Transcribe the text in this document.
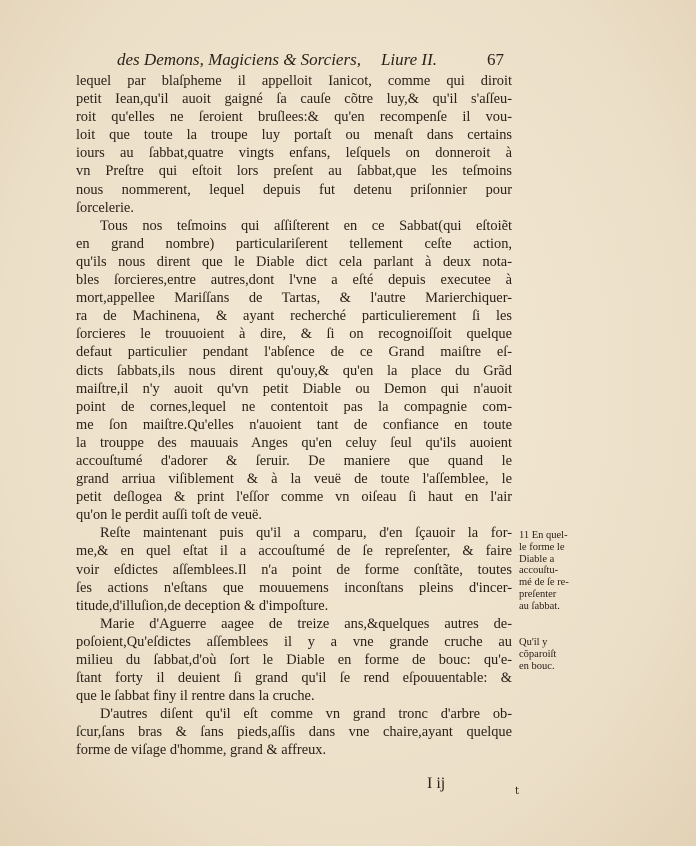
des Demons, Magiciens & Sorciers, Liure II.	67
lequel par blaſpheme il appelloit Ianicot, comme qui diroit
petit Iean,qu'il auoit gaigné ſa cauſe cõtre luy,& qu'il s'aſſeu-
roit qu'elles ne ſeroient bruſlees:& qu'en recompenſe il vou-
loit que toute la troupe luy portaſt ou menaſt dans certains
iours au ſabbat,quatre vingts enfans, leſquels on donneroit à
vn Preſtre qui eſtoit lors preſent au ſabbat,que les teſmoins
nous nommerent, lequel depuis fut detenu priſonnier pour
ſorcelerie.
Tous nos teſmoins qui aſſiſterent en ce Sabbat(qui eſtoiẽt
en grand nombre) particulariſerent tellement ceſte action,
qu'ils nous dirent que le Diable dict cela parlant à deux nota-
bles ſorcieres,entre autres,dont l'vne a eſté depuis executee à
mort,appellee Mariſſans de Tartas, & l'autre Marierchiquer-
ra de Machinena, & ayant recherché particulierement ſi les
ſorcieres le trouuoient à dire, & ſi on recognoiſſoit quelque
defaut particulier pendant l'abſence de ce Grand maiſtre eſ-
dicts ſabbats,ils nous dirent qu'ouy,& qu'en la place du Grãd
maiſtre,il n'y auoit qu'vn petit Diable ou Demon qui n'auoit
point de cornes,lequel ne contentoit pas la compagnie com-
me ſon maiſtre.Qu'elles n'auoient tant de confiance en toute
la trouppe des mauuais Anges qu'en celuy ſeul qu'ils auoient
accouſtumé d'adorer & ſeruir. De maniere que quand le
grand arriua viſiblement & à la veuë de toute l'aſſemblee, le
petit deſlogea & print l'eſſor comme vn oiſeau ſi haut en l'air
qu'on le perdit auſſi toſt de veuë.
Reſte maintenant puis qu'il a comparu, d'en ſçauoir la for-
me,& en quel eſtat il a accouſtumé de ſe repreſenter, & faire
voir eſdictes aſſemblees.Il n'a point de forme conſtãte, toutes
ſes actions n'eſtans que mouuemens inconſtans pleins d'incer-
titude,d'illuſion,de deception & d'impoſture.
Marie d'Aguerre aagee de treize ans,&quelques autres de-
poſoient,Qu'eſdictes aſſemblees il y a vne grande cruche au
milieu du ſabbat,d'où ſort le Diable en forme de bouc: qu'e-
ſtant forty il deuient ſi grand qu'il ſe rend eſpouuentable: &
que le ſabbat finy il rentre dans la cruche.
D'autres diſent qu'il eſt comme vn grand tronc d'arbre ob-
ſcur,ſans bras & ſans pieds,aſſis dans vne chaire,ayant quelque
forme de viſage d'homme, grand & affreux.
11 En quel-
le forme le
Diable a
accouſtu-
mé de ſe re-
preſenter
au ſabbat.
Qu'il y
cõparoiſt
en bouc.
I ij	t
